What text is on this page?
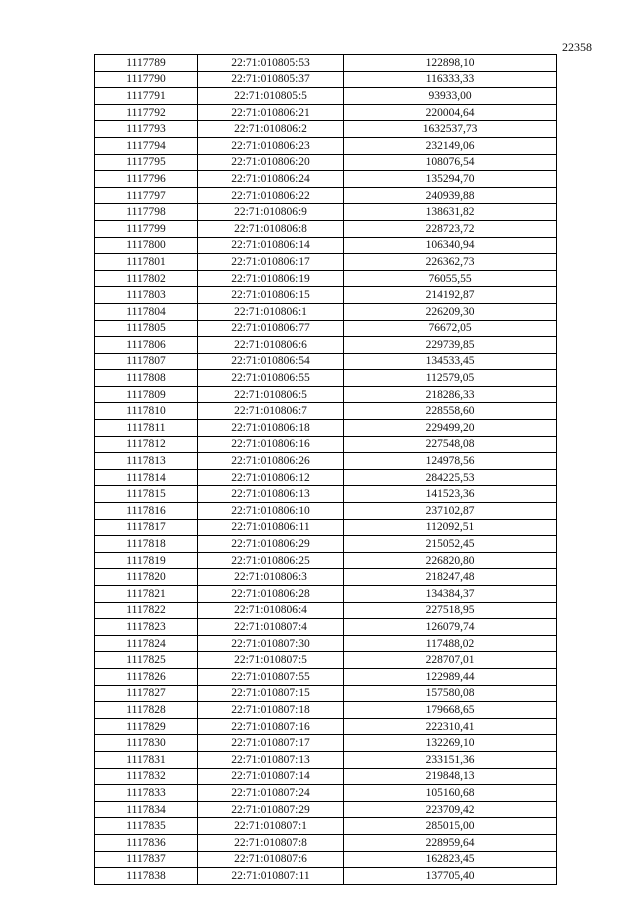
22358
1117789	22:71:010805:53	122898,10
1117790	22:71:010805:37	116333,33
1117791	22:71:010805:5	93933,00
1117792	22:71:010806:21	220004,64
1117793	22:71:010806:2	1632537,73
1117794	22:71:010806:23	232149,06
1117795	22:71:010806:20	108076,54
1117796	22:71:010806:24	135294,70
1117797	22:71:010806:22	240939,88
1117798	22:71:010806:9	138631,82
1117799	22:71:010806:8	228723,72
1117800	22:71:010806:14	106340,94
1117801	22:71:010806:17	226362,73
1117802	22:71:010806:19	76055,55
1117803	22:71:010806:15	214192,87
1117804	22:71:010806:1	226209,30
1117805	22:71:010806:77	76672,05
1117806	22:71:010806:6	229739,85
1117807	22:71:010806:54	134533,45
1117808	22:71:010806:55	112579,05
1117809	22:71:010806:5	218286,33
1117810	22:71:010806:7	228558,60
1117811	22:71:010806:18	229499,20
1117812	22:71:010806:16	227548,08
1117813	22:71:010806:26	124978,56
1117814	22:71:010806:12	284225,53
1117815	22:71:010806:13	141523,36
1117816	22:71:010806:10	237102,87
1117817	22:71:010806:11	112092,51
1117818	22:71:010806:29	215052,45
1117819	22:71:010806:25	226820,80
1117820	22:71:010806:3	218247,48
1117821	22:71:010806:28	134384,37
1117822	22:71:010806:4	227518,95
1117823	22:71:010807:4	126079,74
1117824	22:71:010807:30	117488,02
1117825	22:71:010807:5	228707,01
1117826	22:71:010807:55	122989,44
1117827	22:71:010807:15	157580,08
1117828	22:71:010807:18	179668,65
1117829	22:71:010807:16	222310,41
1117830	22:71:010807:17	132269,10
1117831	22:71:010807:13	233151,36
1117832	22:71:010807:14	219848,13
1117833	22:71:010807:24	105160,68
1117834	22:71:010807:29	223709,42
1117835	22:71:010807:1	285015,00
1117836	22:71:010807:8	228959,64
1117837	22:71:010807:6	162823,45
1117838	22:71:010807:11	137705,40
